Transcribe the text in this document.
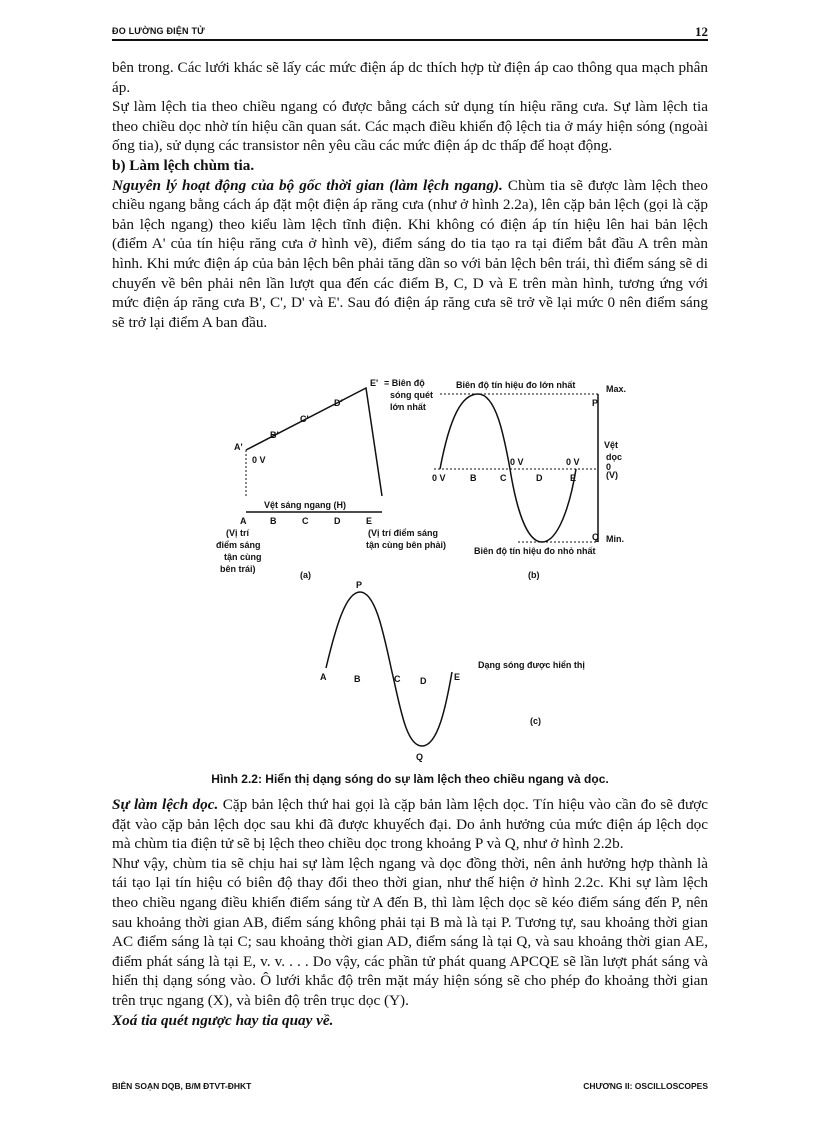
ĐO LƯỜNG ĐIỆN TỬ	12

bên trong. Các lưới khác sẽ lấy các mức điện áp dc thích hợp từ điện áp cao thông qua mạch phân áp.

Sự làm lệch tia theo chiều ngang có được bằng cách sử dụng tín hiệu răng cưa. Sự làm lệch tia theo chiều dọc nhờ tín hiệu cần quan sát. Các mạch điều khiển độ lệch tia ở máy hiện sóng (ngoài ống tia), sử dụng các transistor nên yêu cầu các mức điện áp dc thấp để hoạt động.

b) Làm lệch chùm tia.

Nguyên lý hoạt động của bộ gốc thời gian (làm lệch ngang). Chùm tia sẽ được làm lệch theo chiều ngang bằng cách áp đặt một điện áp răng cưa (như ở hình 2.2a), lên cặp bản lệch (gọi là cặp bản lệch ngang) theo kiểu làm lệch tĩnh điện. Khi không có điện áp tín hiệu lên hai bản lệch (điểm A' của tín hiệu răng cưa ở hình vẽ), điểm sáng do tia tạo ra tại điểm bắt đầu A trên màn hình. Khi mức điện áp của bản lệch bên phải tăng dần so với bản lệch bên trái, thì điểm sáng sẽ di chuyển về bên phải nên lần lượt qua đến các điểm B, C, D và E trên màn hình, tương ứng với mức điện áp răng cưa B', C', D' và E'. Sau đó điện áp răng cưa sẽ trở về lại mức 0 nên điểm sáng sẽ trở lại điểm A ban đầu.

A'
B'
C'
D'
E' = Biên độ
sóng quét
lớn nhất
0 V
Vệt sáng ngang (H)
A	B	C	D	E
(Vị trí
điểm sáng
tận cùng
bên trái)
(Vị trí điểm sáng
tận cùng bên phải)
(a)
Biên độ tín hiệu đo lớn nhất	Max.
P
Vệt
dọc
(V)
0
0 V
0 V	0 V
B	C	D	E
Q Min.
Biên độ tín hiệu đo nhỏ nhất
(b)
P
A	B	C D	E
Q
Dạng sóng được hiển thị
(c)
Hình 2.2: Hiển thị dạng sóng do sự làm lệch theo chiều ngang và dọc.

Sự làm lệch dọc. Cặp bản lệch thứ hai gọi là cặp bản làm lệch dọc. Tín hiệu vào cần đo sẽ được đặt vào cặp bản lệch dọc sau khi đã được khuyếch đại. Do ảnh hưởng của mức điện áp lệch dọc mà chùm tia điện tử sẽ bị lệch theo chiều dọc trong khoảng P và Q, như ở hình 2.2b.

Như vậy, chùm tia sẽ chịu hai sự làm lệch ngang và dọc đồng thời, nên ảnh hưởng hợp thành là tái tạo lại tín hiệu có biên độ thay đổi theo thời gian, như thế hiện ở hình 2.2c. Khi sự làm lệch theo chiều ngang điều khiển điểm sáng từ A đến B, thì làm lệch dọc sẽ kéo điểm sáng đến P, nên sau khoảng thời gian AB, điểm sáng không phải tại B mà là tại P. Tương tự, sau khoảng thời gian AC điểm sáng là tại C; sau khoảng thời gian AD, điểm sáng là tại Q, và sau khoảng thời gian AE, điểm phát sáng là tại E, v. v. . . . Do vậy, các phần tử phát quang APCQE sẽ lần lượt phát sáng và hiển thị dạng sóng vào. Ô lưới khắc độ trên mặt máy hiện sóng sẽ cho phép đo khoảng thời gian trên trục ngang (X), và biên độ trên trục dọc (Y).

Xoá tia quét ngược hay tia quay về.

BIÊN SOẠN DQB, B/M ĐTVT-ĐHKT	CHƯƠNG II: OSCILLOSCOPES
